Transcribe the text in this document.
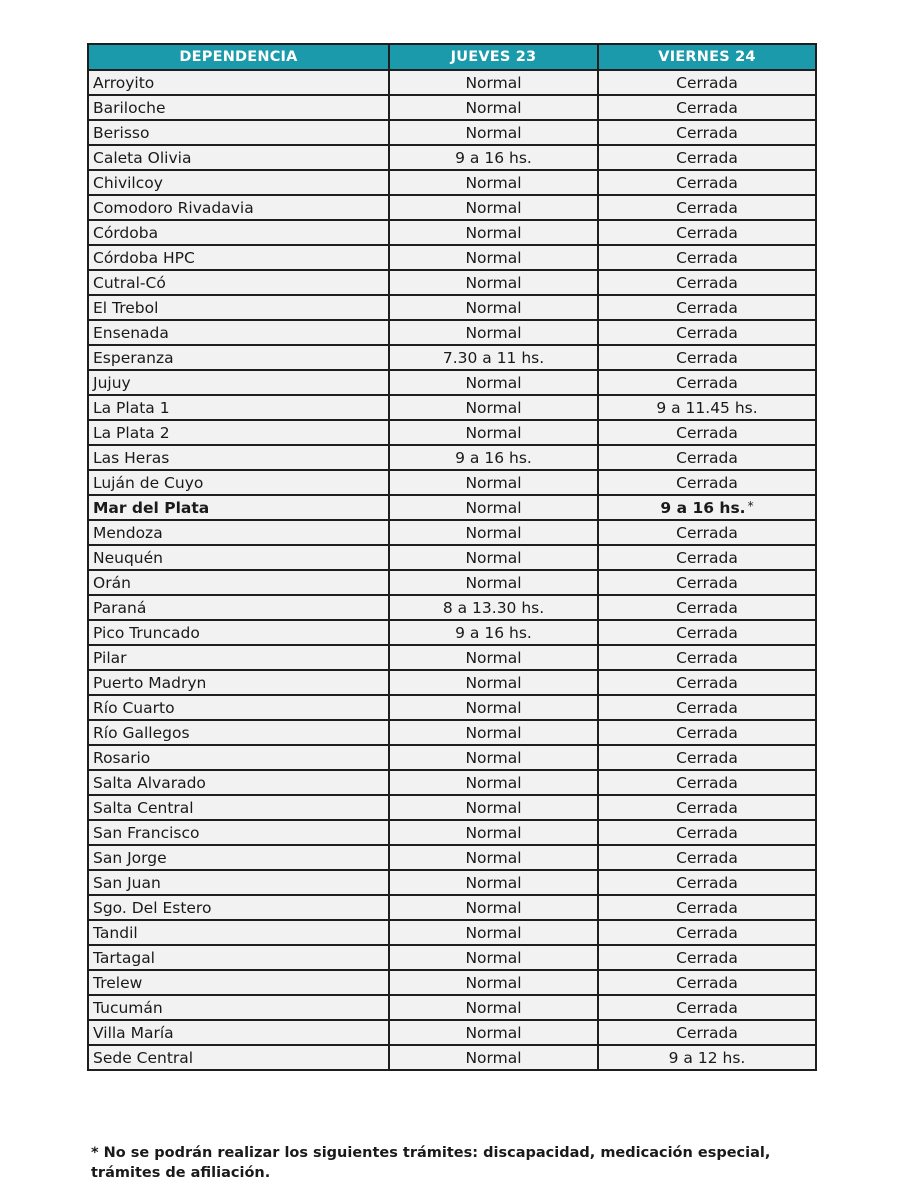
DEPENDENCIA	JUEVES 23	VIERNES 24
Arroyito	Normal	Cerrada
Bariloche	Normal	Cerrada
Berisso	Normal	Cerrada
Caleta Olivia	9 a 16 hs.	Cerrada
Chivilcoy	Normal	Cerrada
Comodoro Rivadavia	Normal	Cerrada
Córdoba	Normal	Cerrada
Córdoba HPC	Normal	Cerrada
Cutral-Có	Normal	Cerrada
El Trebol	Normal	Cerrada
Ensenada	Normal	Cerrada
Esperanza	7.30 a 11 hs.	Cerrada
Jujuy	Normal	Cerrada
La Plata 1	Normal	9 a 11.45 hs.
La Plata 2	Normal	Cerrada
Las Heras	9 a 16 hs.	Cerrada
Luján de Cuyo	Normal	Cerrada
Mar del Plata	Normal	9 a 16 hs. *
Mendoza	Normal	Cerrada
Neuquén	Normal	Cerrada
Orán	Normal	Cerrada
Paraná	8 a 13.30 hs.	Cerrada
Pico Truncado	9 a 16 hs.	Cerrada
Pilar	Normal	Cerrada
Puerto Madryn	Normal	Cerrada
Río Cuarto	Normal	Cerrada
Río Gallegos	Normal	Cerrada
Rosario	Normal	Cerrada
Salta Alvarado	Normal	Cerrada
Salta Central	Normal	Cerrada
San Francisco	Normal	Cerrada
San Jorge	Normal	Cerrada
San Juan	Normal	Cerrada
Sgo. Del Estero	Normal	Cerrada
Tandil	Normal	Cerrada
Tartagal	Normal	Cerrada
Trelew	Normal	Cerrada
Tucumán	Normal	Cerrada
Villa María	Normal	Cerrada
Sede Central	Normal	9 a 12 hs.
* No se podrán realizar los siguientes trámites: discapacidad, medicación especial, trámites de afiliación.
